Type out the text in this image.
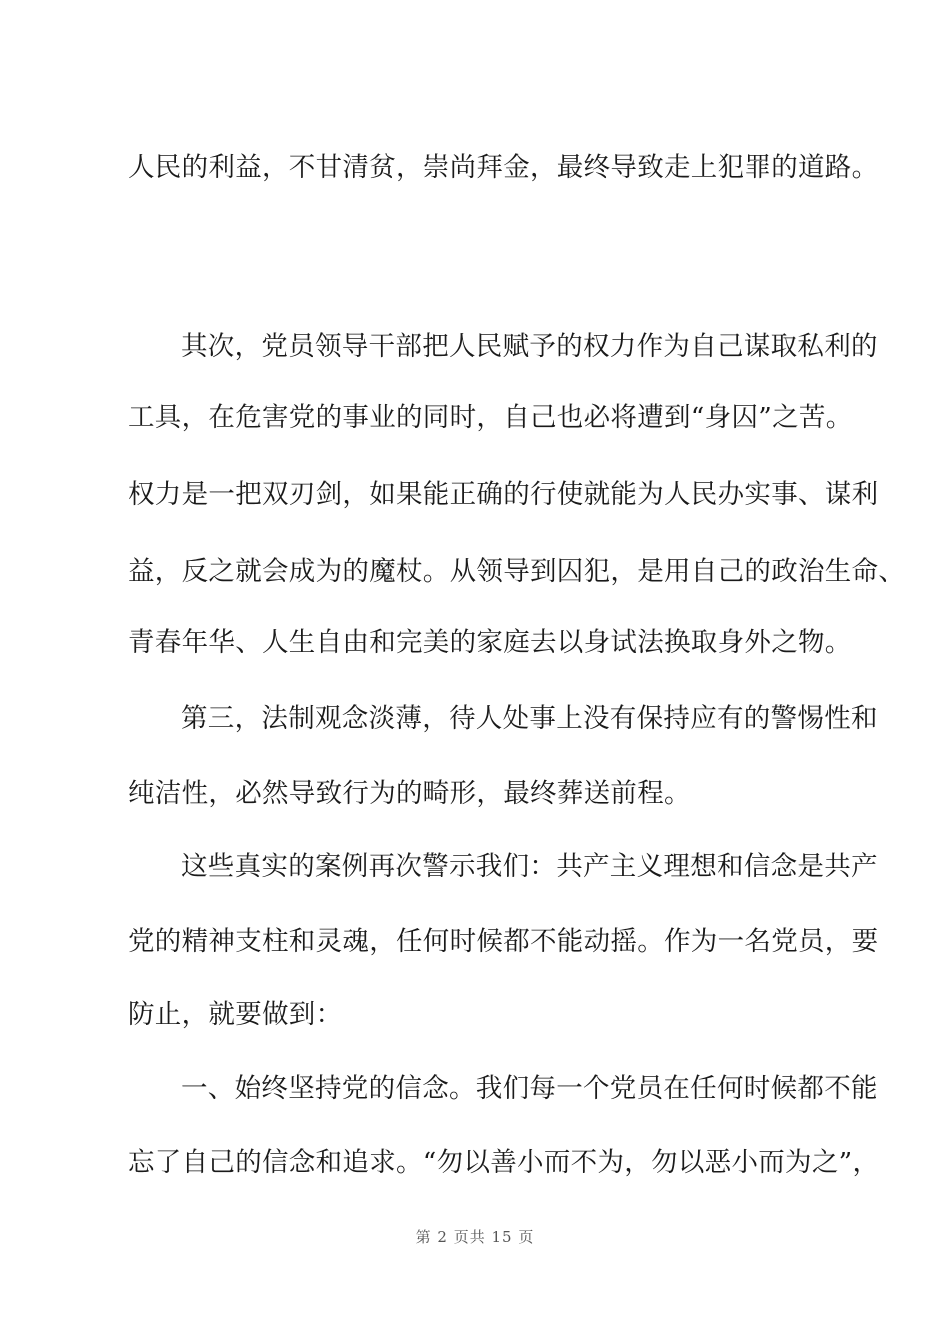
人民的利益，不甘清贫，崇尚拜金，最终导致走上犯罪的道路。
其次，党员领导干部把人民赋予的权力作为自己谋取私利的
工具，在危害党的事业的同时，自己也必将遭到“身囚”之苦。
权力是一把双刃剑，如果能正确的行使就能为人民办实事、谋利
益，反之就会成为的魔杖。从领导到囚犯，是用自己的政治生命、
青春年华、人生自由和完美的家庭去以身试法换取身外之物。
第三，法制观念淡薄，待人处事上没有保持应有的警惕性和
纯洁性，必然导致行为的畸形，最终葬送前程。
这些真实的案例再次警示我们：共产主义理想和信念是共产
党的精神支柱和灵魂，任何时候都不能动摇。作为一名党员，要
防止，就要做到：
一、始终坚持党的信念。我们每一个党员在任何时候都不能
忘了自己的信念和追求。“勿以善小而不为，勿以恶小而为之”，
第 2 页共 15 页
